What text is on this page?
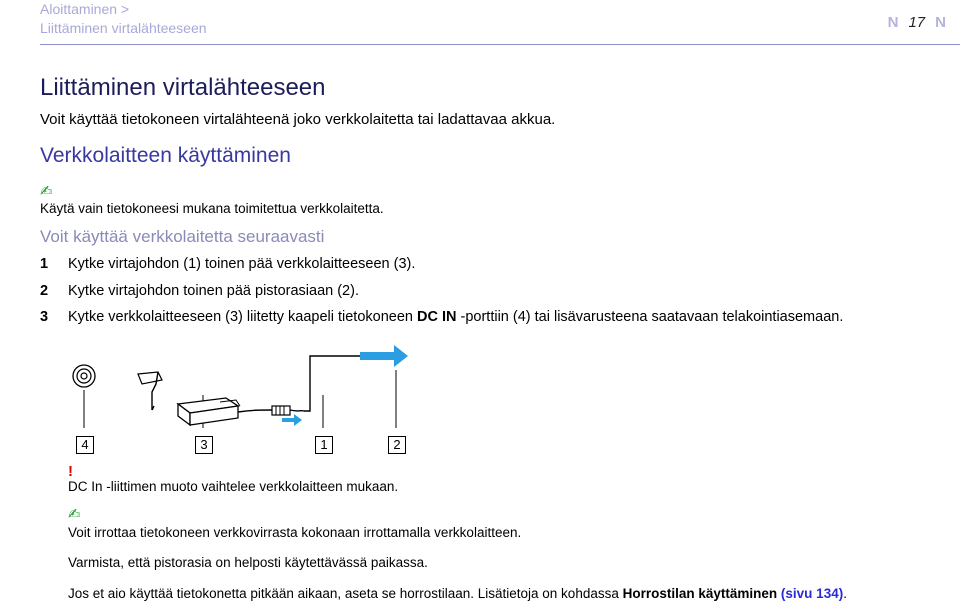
Aloittaminen >
Liittäminen virtalähteeseen	N 17 N
Liittäminen virtalähteeseen
Voit käyttää tietokoneen virtalähteenä joko verkkolaitetta tai ladattavaa akkua.
Verkkolaitteen käyttäminen
✍
Käytä vain tietokoneesi mukana toimitettua verkkolaitetta.
Voit käyttää verkkolaitetta seuraavasti
1	Kytke virtajohdon (1) toinen pää verkkolaitteeseen (3).
2	Kytke virtajohdon toinen pää pistorasiaan (2).
3	Kytke verkkolaitteeseen (3) liitetty kaapeli tietokoneen DC IN -porttiin (4) tai lisävarusteena saatavaan telakointiasemaan.
4	3	1	2
!
DC In -liittimen muoto vaihtelee verkkolaitteen mukaan.
✍
Voit irrottaa tietokoneen verkkovirrasta kokonaan irrottamalla verkkolaitteen.
Varmista, että pistorasia on helposti käytettävässä paikassa.
Jos et aio käyttää tietokonetta pitkään aikaan, aseta se horrostilaan. Lisätietoja on kohdassa Horrostilan käyttäminen (sivu 134).
